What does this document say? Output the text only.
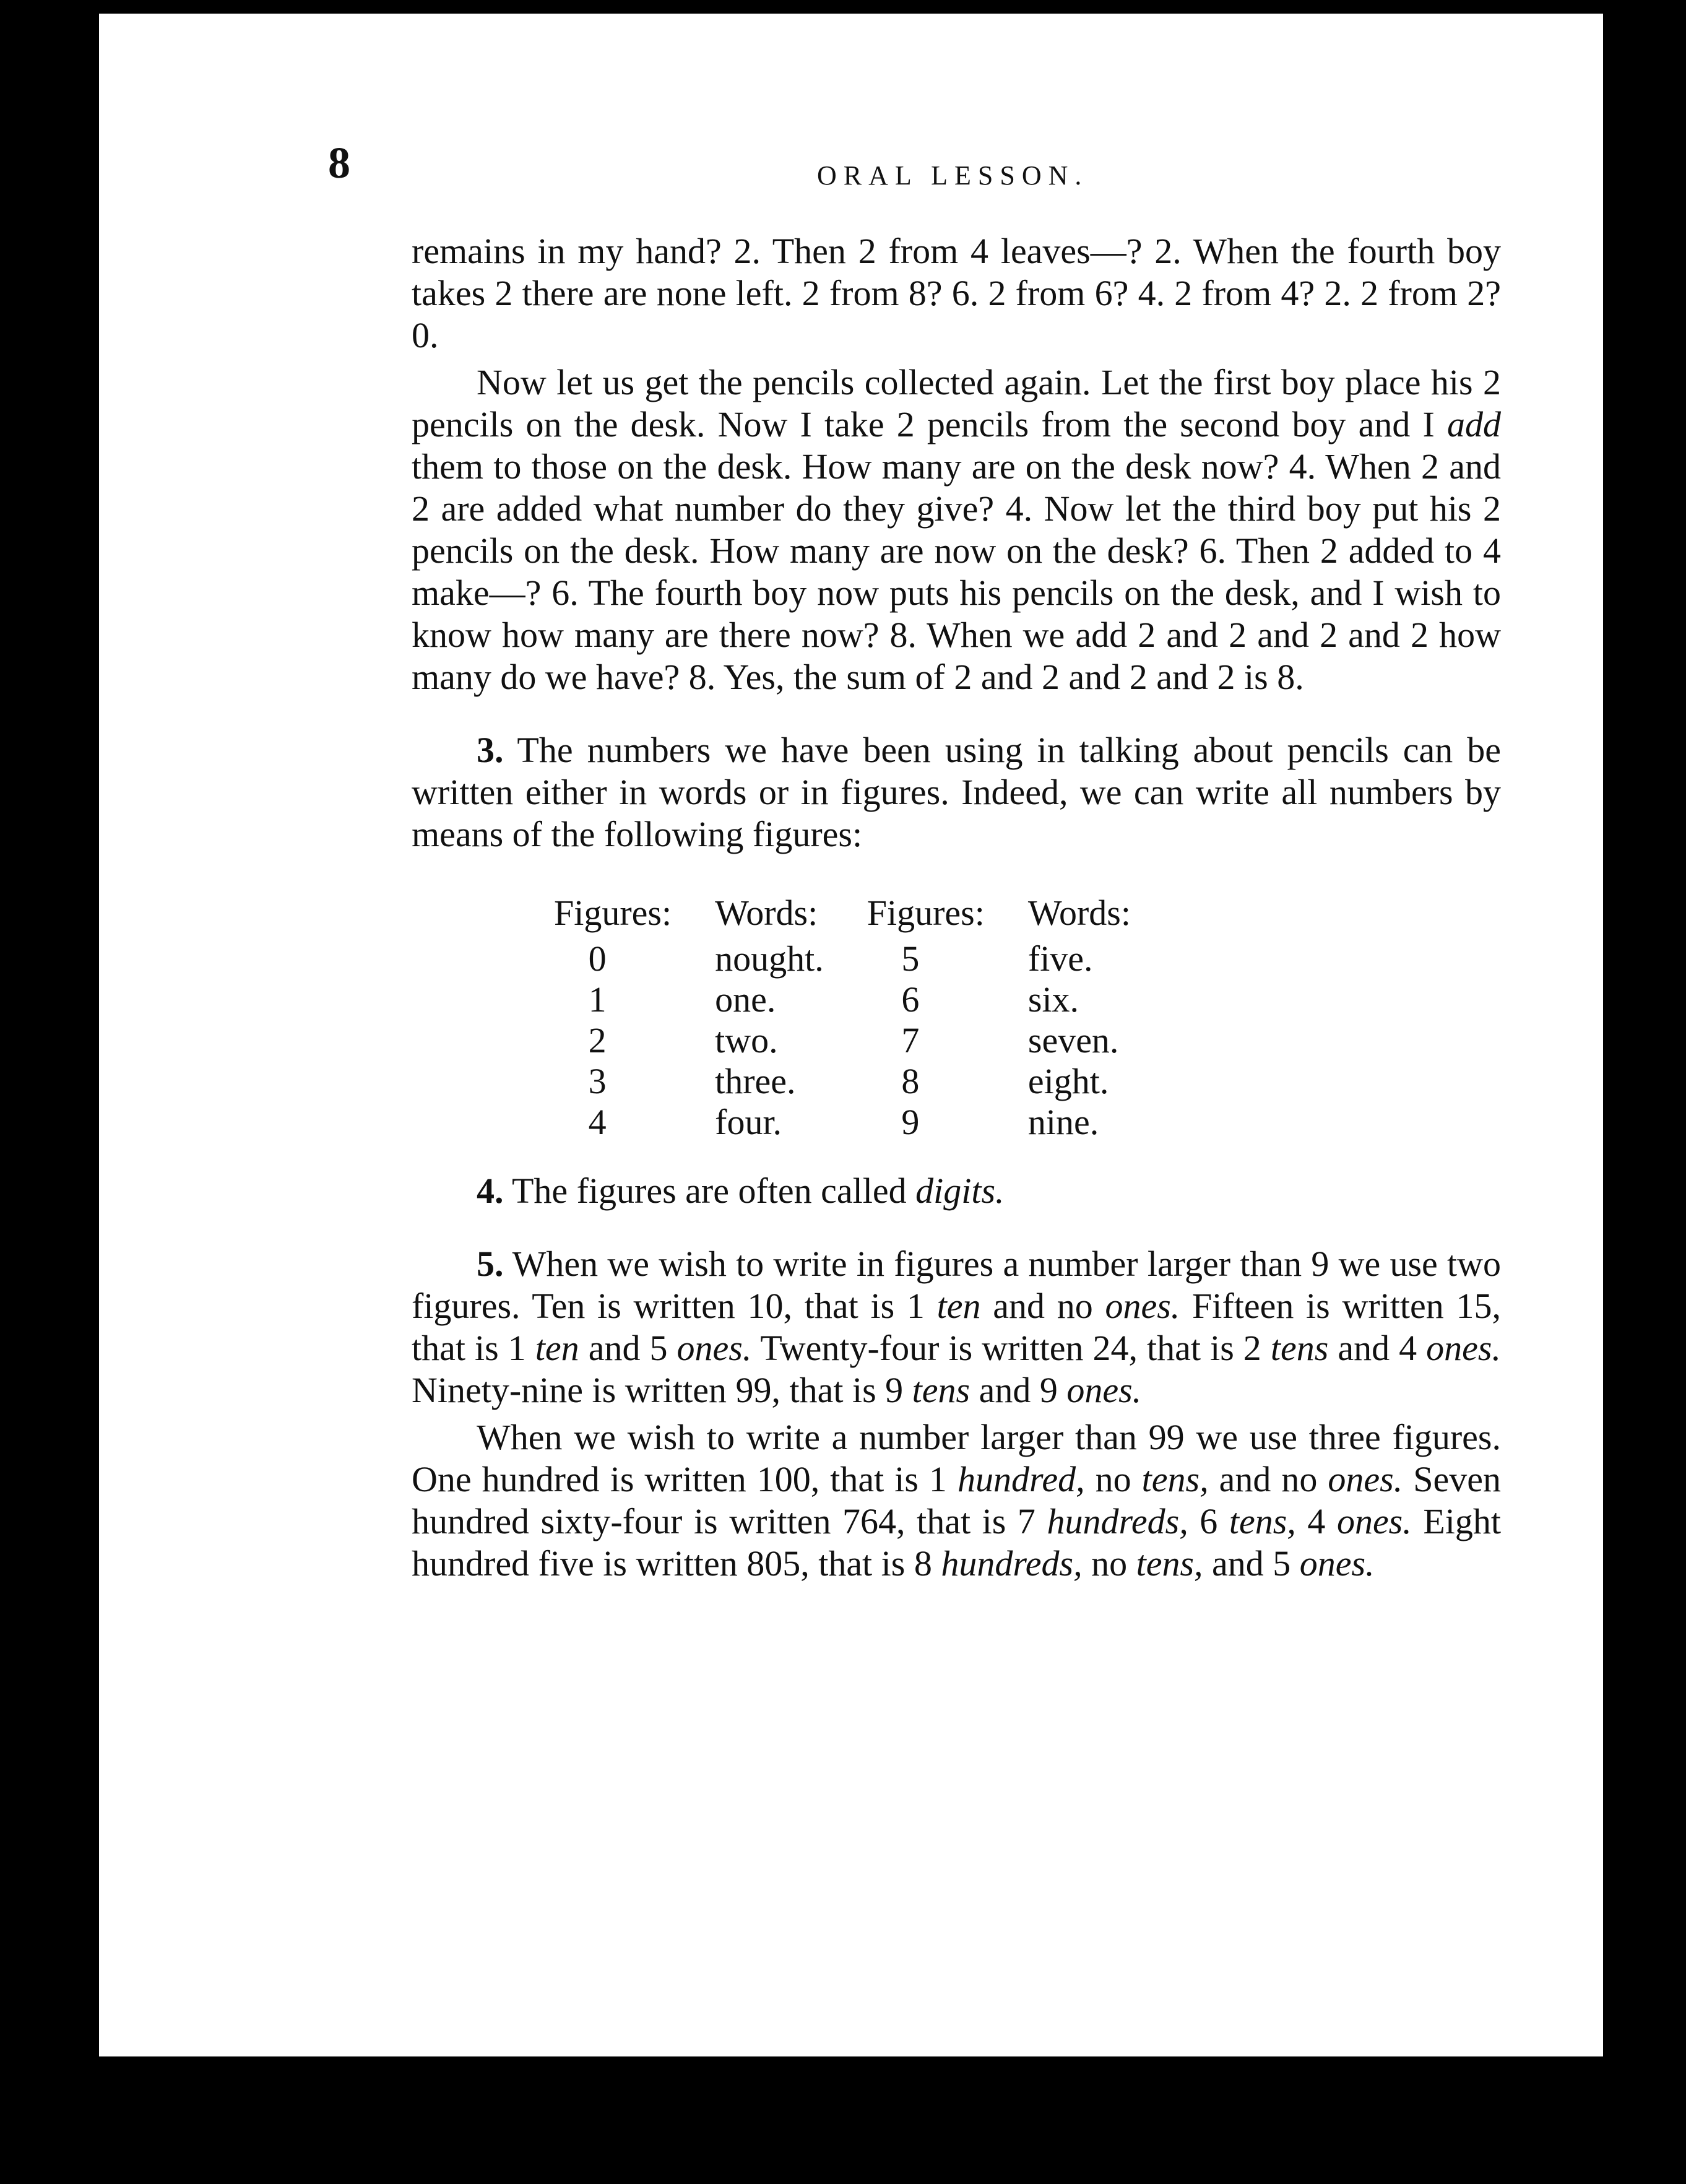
8	ORAL LESSON.

remains in my hand? 2. Then 2 from 4 leaves—? 2. When the fourth boy takes 2 there are none left. 2 from 8? 6. 2 from 6? 4. 2 from 4? 2. 2 from 2? 0.

Now let us get the pencils collected again. Let the first boy place his 2 pencils on the desk. Now I take 2 pencils from the second boy and I add them to those on the desk. How many are on the desk now? 4. When 2 and 2 are added what number do they give? 4. Now let the third boy put his 2 pencils on the desk. How many are now on the desk? 6. Then 2 added to 4 make—? 6. The fourth boy now puts his pencils on the desk, and I wish to know how many are there now? 8. When we add 2 and 2 and 2 and 2 how many do we have? 8. Yes, the sum of 2 and 2 and 2 and 2 is 8.

3. The numbers we have been using in talking about pencils can be written either in words or in figures. Indeed, we can write all numbers by means of the following figures:

Figures:	Words:	Figures:	Words:
0	nought.	5	five.
1	one.	6	six.
2	two.	7	seven.
3	three.	8	eight.
4	four.	9	nine.

4. The figures are often called digits.

5. When we wish to write in figures a number larger than 9 we use two figures. Ten is written 10, that is 1 ten and no ones. Fifteen is written 15, that is 1 ten and 5 ones. Twenty-four is written 24, that is 2 tens and 4 ones. Ninety-nine is written 99, that is 9 tens and 9 ones.

When we wish to write a number larger than 99 we use three figures. One hundred is written 100, that is 1 hundred, no tens, and no ones. Seven hundred sixty-four is written 764, that is 7 hundreds, 6 tens, 4 ones. Eight hundred five is written 805, that is 8 hundreds, no tens, and 5 ones.
